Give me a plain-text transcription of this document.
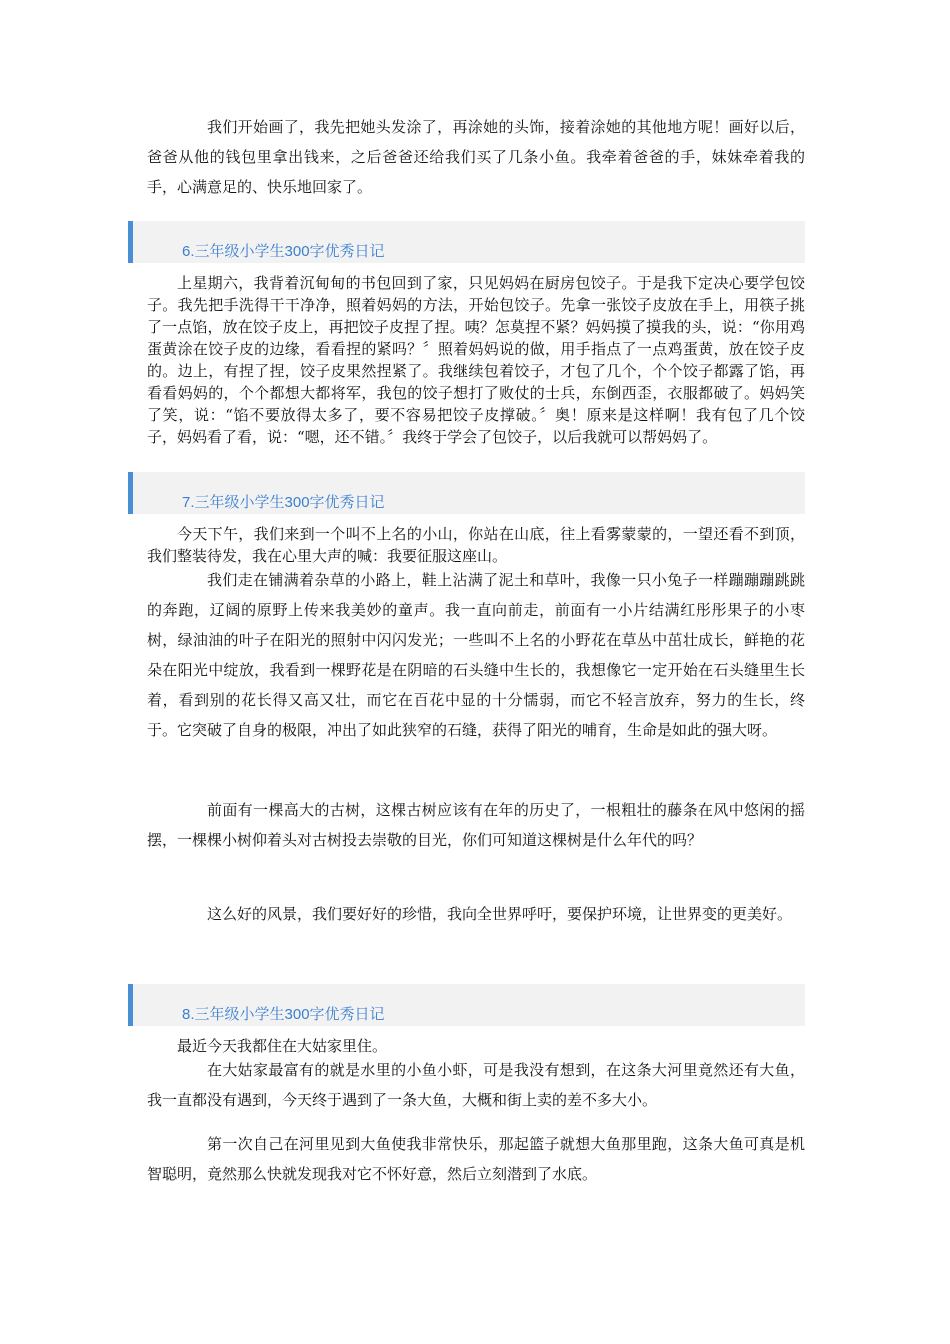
我们开始画了，我先把她头发涂了，再涂她的头饰，接着涂她的其他地方呢！画好以后，爸爸从他的钱包里拿出钱来，之后爸爸还给我们买了几条小鱼。我牵着爸爸的手，妹妹牵着我的手，心满意足的、快乐地回家了。

6.三年级小学生300字优秀日记

上星期六，我背着沉甸甸的书包回到了家，只见妈妈在厨房包饺子。于是我下定决心要学包饺子。我先把手洗得干干净净，照着妈妈的方法，开始包饺子。先拿一张饺子皮放在手上，用筷子挑了一点馅，放在饺子皮上，再把饺子皮捏了捏。咦？怎莫捏不紧？妈妈摸了摸我的头，说：“你用鸡蛋黄涂在饺子皮的边缘，看看捏的紧吗？〞照着妈妈说的做，用手指点了一点鸡蛋黄，放在饺子皮的。边上，有捏了捏，饺子皮果然捏紧了。我继续包着饺子，才包了几个，个个饺子都露了馅，再看看妈妈的，个个都想大都将军，我包的饺子想打了败仗的士兵，东倒西歪，衣服都破了。妈妈笑了笑，说：“馅不要放得太多了，要不容易把饺子皮撑破。〞奥！原来是这样啊！我有包了几个饺子，妈妈看了看，说：“嗯，还不错。〞我终于学会了包饺子，以后我就可以帮妈妈了。

7.三年级小学生300字优秀日记

今天下午，我们来到一个叫不上名的小山，你站在山底，往上看雾蒙蒙的，一望还看不到顶，我们整装待发，我在心里大声的喊：我要征服这座山。

我们走在铺满着杂草的小路上，鞋上沾满了泥土和草叶，我像一只小兔子一样蹦蹦蹦跳跳的奔跑，辽阔的原野上传来我美妙的童声。我一直向前走，前面有一小片结满红彤彤果子的小枣树，绿油油的叶子在阳光的照射中闪闪发光；一些叫不上名的小野花在草丛中茁壮成长，鲜艳的花朵在阳光中绽放，我看到一棵野花是在阴暗的石头缝中生长的，我想像它一定开始在石头缝里生长着，看到别的花长得又高又壮，而它在百花中显的十分懦弱，而它不轻言放弃，努力的生长，终于。它突破了自身的极限，冲出了如此狭窄的石缝，获得了阳光的哺育，生命是如此的强大呀。

前面有一棵高大的古树，这棵古树应该有在年的历史了，一根粗壮的藤条在风中悠闲的摇摆，一棵棵小树仰着头对古树投去崇敬的目光，你们可知道这棵树是什么年代的吗？

这么好的风景，我们要好好的珍惜，我向全世界呼吁，要保护环境，让世界变的更美好。

8.三年级小学生300字优秀日记

最近今天我都住在大姑家里住。

在大姑家最富有的就是水里的小鱼小虾，可是我没有想到，在这条大河里竟然还有大鱼，我一直都没有遇到，今天终于遇到了一条大鱼，大概和街上卖的差不多大小。

第一次自己在河里见到大鱼使我非常快乐，那起篮子就想大鱼那里跑，这条大鱼可真是机智聪明，竟然那么快就发现我对它不怀好意，然后立刻潜到了水底。
